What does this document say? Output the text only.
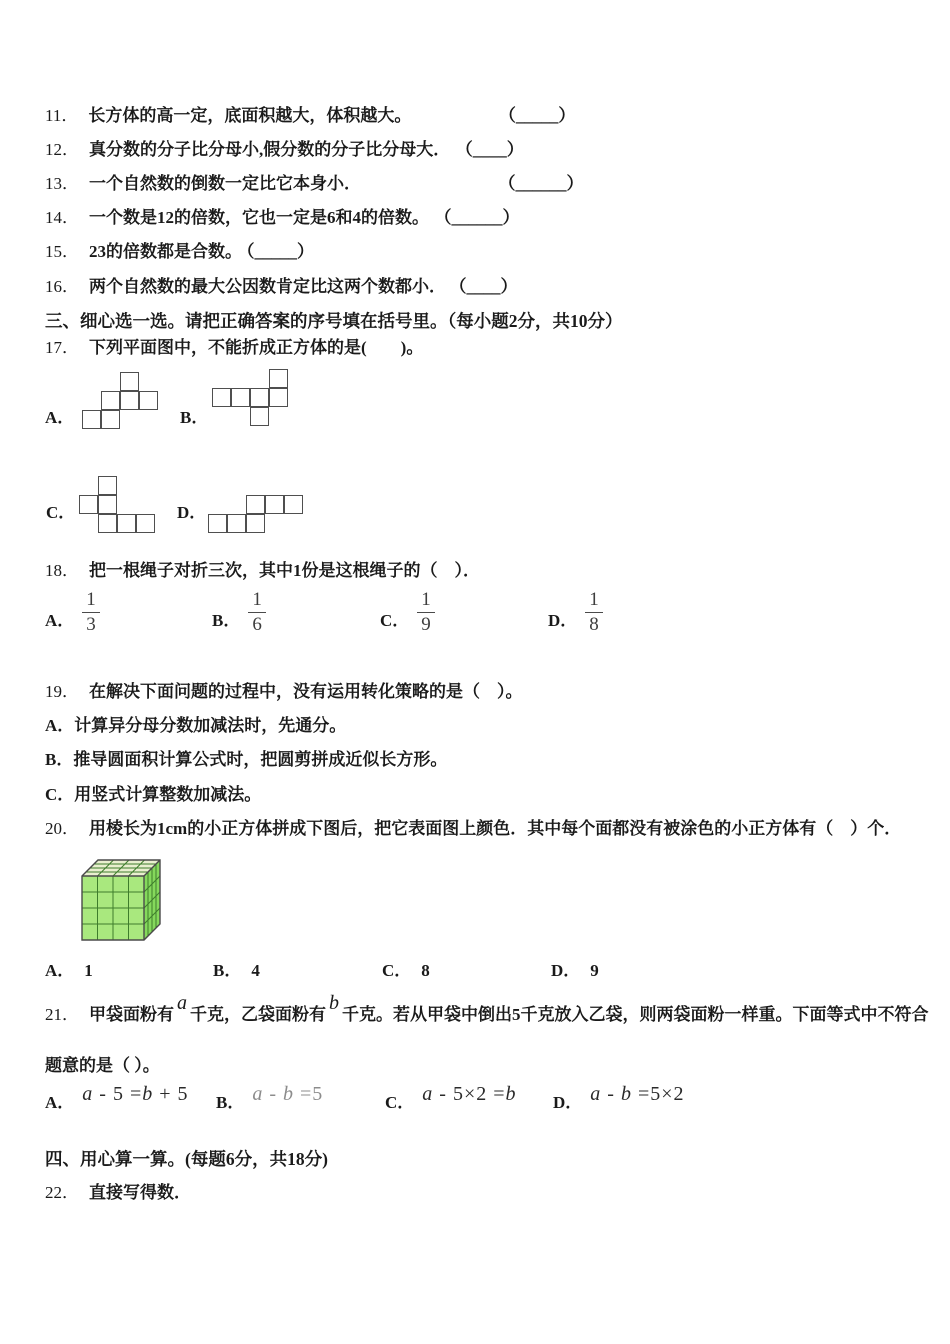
11． 长方体的高一定，底面积越大，体积越大。	（_____）
12． 真分数的分子比分母小,假分数的分子比分母大． （____）
13． 一个自然数的倒数一定比它本身小．	（______）
14． 一个数是12的倍数，它也一定是6和4的倍数。 （______）
15． 23的倍数都是合数。 （_____）
16． 两个自然数的最大公因数肯定比这两个数都小． （____）
三、细心选一选。请把正确答案的序号填在括号里。（每小题2分，共10分）
17． 下列平面图中，不能折成正方体的是(　　)。
A．	B．
C．	D．
18． 把一根绳子对折三次，其中1份是这根绳子的（　）．
A． $\frac{1}{3}$	B． $\frac{1}{6}$	C． $\frac{1}{9}$	D． $\frac{1}{8}$
19． 在解决下面问题的过程中，没有运用转化策略的是（　）。
A．计算异分母分数加减法时，先通分。
B．推导圆面积计算公式时，把圆剪拼成近似长方形。
C．用竖式计算整数加减法。
20． 用棱长为1cm的小正方体拼成下图后，把它表面图上颜色．其中每个面都没有被涂色的小正方体有（　）个．
A． 1	B． 4	C． 8	D． 9
21． 甲袋面粉有a千克，乙袋面粉有b千克。若从甲袋中倒出5千克放入乙袋，则两袋面粉一样重。下面等式中不符合
题意的是（ ）。
A． a - 5 =b + 5 B． a - b =5	C． a - 5×2 =b D． a - b =5×2
四、用心算一算。(每题6分，共18分)
22． 直接写得数．
